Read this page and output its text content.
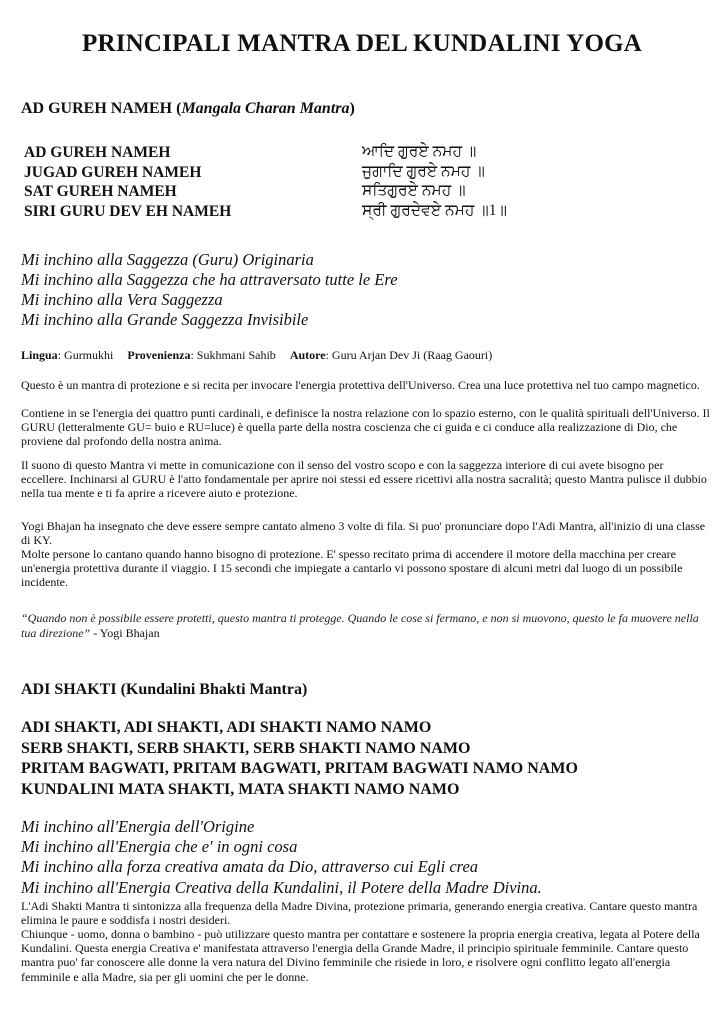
PRINCIPALI MANTRA DEL KUNDALINI YOGA
AD GUREH NAMEH (Mangala Charan Mantra)
AD GUREH NAMEH
JUGAD GUREH NAMEH
SAT GUREH NAMEH
SIRI GURU DEV EH NAMEH
ਆਦਿ ਗੁਰਏ ਨਮਹ ॥
ਜੁਗਾਦਿ ਗੁਰਏ ਨਮਹ ॥
ਸਤਿਗੁਰਏ ਨਮਹ ॥
ਸ੍ਰੀ ਗੁਰਦੇਵਏ ਨਮਹ ॥1॥
Mi inchino alla Saggezza (Guru) Originaria
Mi inchino alla Saggezza che ha attraversato tutte le Ere
Mi inchino alla Vera Saggezza
Mi inchino alla Grande Saggezza Invisibile
Lingua: Gurmukhi Provenienza: Sukhmani Sahib Autore: Guru Arjan Dev Ji (Raag Gaouri)

Questo è un mantra di protezione e si recita per invocare l'energia protettiva dell'Universo. Crea una luce protettiva nel tuo campo magnetico.

Contiene in se l'energia dei quattro punti cardinali, e definisce la nostra relazione con lo spazio esterno, con le qualità spirituali dell'Universo. Il GURU (letteralmente GU= buio e RU=luce) è quella parte della nostra coscienza che ci guida e ci conduce alla realizzazione di Dio, che proviene dal profondo della nostra anima.

Il suono di questo Mantra vi mette in comunicazione con il senso del vostro scopo e con la saggezza interiore di cui avete bisogno per eccellere. Inchinarsi al GURU è l'atto fondamentale per aprire noi stessi ed essere ricettivi alla nostra sacralità; questo Mantra pulisce il dubbio nella tua mente e ti fa aprire a ricevere aiuto e protezione.

Yogi Bhajan ha insegnato che deve essere sempre cantato almeno 3 volte di fila. Si puo' pronunciare dopo l'Adi Mantra, all'inizio di una classe di KY.

Molte persone lo cantano quando hanno bisogno di protezione. E' spesso recitato prima di accendere il motore della macchina per creare un'energia protettiva durante il viaggio. I 15 secondi che impiegate a cantarlo vi possono spostare di alcuni metri dal luogo di un possibile incidente.

“Quando non è possibile essere protetti, questo mantra ti protegge. Quando le cose si fermano, e non si muovono, questo le fa muovere nella tua direzione” - Yogi Bhajan
ADI SHAKTI (Kundalini Bhakti Mantra)
ADI SHAKTI, ADI SHAKTI, ADI SHAKTI NAMO NAMO
SERB SHAKTI, SERB SHAKTI, SERB SHAKTI NAMO NAMO
PRITAM BAGWATI, PRITAM BAGWATI, PRITAM BAGWATI NAMO NAMO
KUNDALINI MATA SHAKTI, MATA SHAKTI NAMO NAMO
Mi inchino all'Energia dell'Origine
Mi inchino all'Energia che e' in ogni cosa
Mi inchino alla forza creativa amata da Dio, attraverso cui Egli crea
Mi inchino all'Energia Creativa della Kundalini, il Potere della Madre Divina.

L'Adi Shakti Mantra ti sintonizza alla frequenza della Madre Divina, protezione primaria, generando energia creativa. Cantare questo mantra elimina le paure e soddisfa i nostri desideri.

Chiunque - uomo, donna o bambino - può utilizzare questo mantra per contattare e sostenere la propria energia creativa, legata al Potere della Kundalini. Questa energia Creativa e' manifestata attraverso l'energia della Grande Madre, il principio spirituale femminile. Cantare questo mantra puo' far conoscere alle donne la vera natura del Divino femminile che risiede in loro, e risolvere ogni conflitto legato all'energia femminile e alla Madre, sia per gli uomini che per le donne.
